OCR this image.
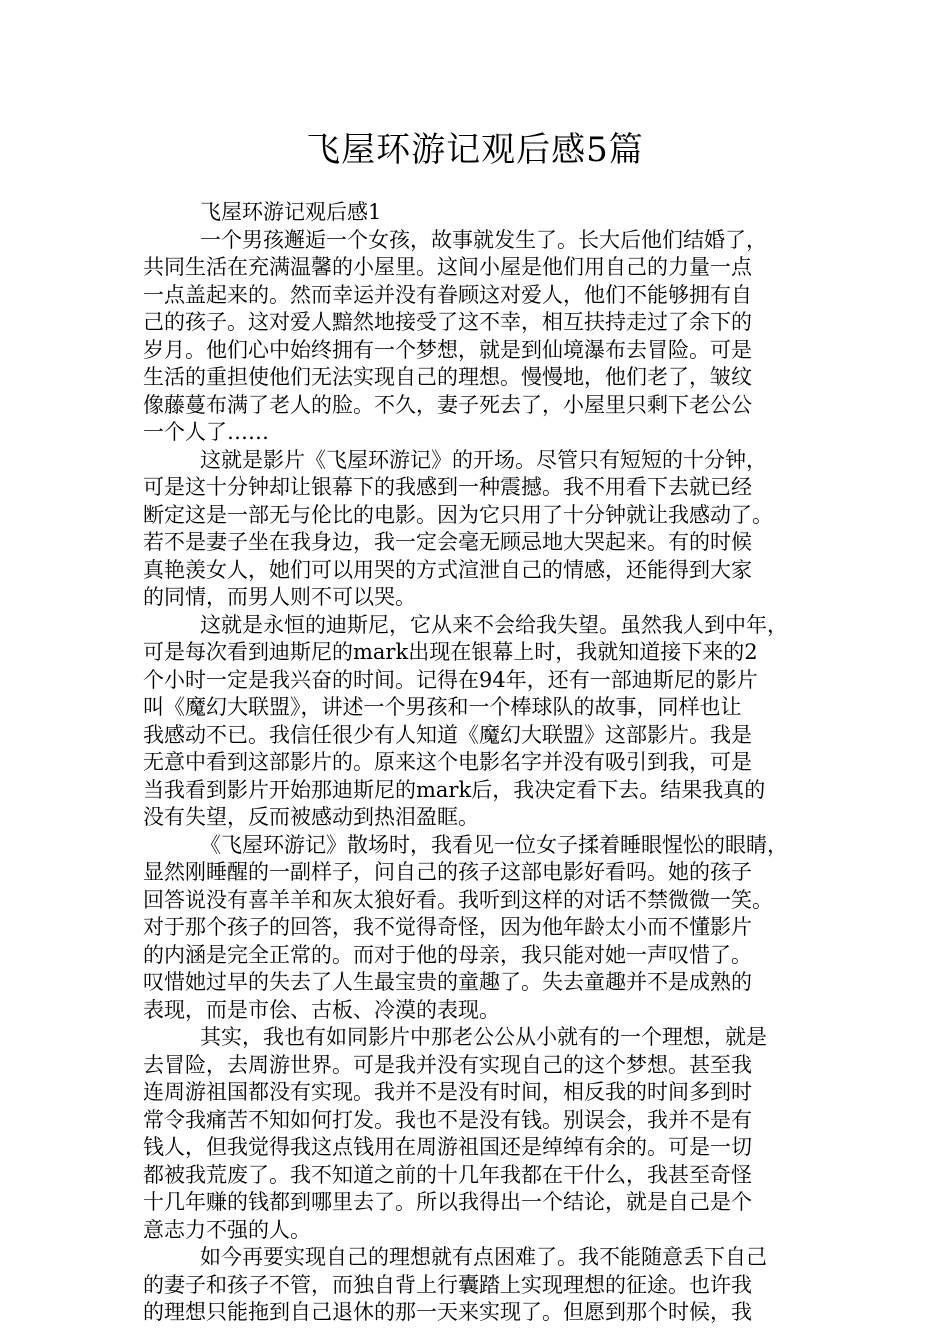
飞屋环游记观后感5篇

飞屋环游记观后感1

一个男孩邂逅一个女孩，故事就发生了。长大后他们结婚了，
共同生活在充满温馨的小屋里。这间小屋是他们用自己的力量一点
一点盖起来的。然而幸运并没有眷顾这对爱人，他们不能够拥有自
己的孩子。这对爱人黯然地接受了这不幸，相互扶持走过了余下的
岁月。他们心中始终拥有一个梦想，就是到仙境瀑布去冒险。可是
生活的重担使他们无法实现自己的理想。慢慢地，他们老了，皱纹
像藤蔓布满了老人的脸。不久，妻子死去了，小屋里只剩下老公公
一个人了……

这就是影片《飞屋环游记》的开场。尽管只有短短的十分钟，
可是这十分钟却让银幕下的我感到一种震撼。我不用看下去就已经
断定这是一部无与伦比的电影。因为它只用了十分钟就让我感动了。
若不是妻子坐在我身边，我一定会毫无顾忌地大哭起来。有的时候
真艳羡女人，她们可以用哭的方式渲泄自己的情感，还能得到大家
的同情，而男人则不可以哭。

这就是永恒的迪斯尼，它从来不会给我失望。虽然我人到中年，
可是每次看到迪斯尼的mark出现在银幕上时，我就知道接下来的2
个小时一定是我兴奋的时间。记得在94年，还有一部迪斯尼的影片
叫《魔幻大联盟》，讲述一个男孩和一个棒球队的故事，同样也让
我感动不已。我信任很少有人知道《魔幻大联盟》这部影片。我是
无意中看到这部影片的。原来这个电影名字并没有吸引到我，可是
当我看到影片开始那迪斯尼的mark后，我决定看下去。结果我真的
没有失望，反而被感动到热泪盈眶。

《飞屋环游记》散场时，我看见一位女子揉着睡眼惺忪的眼睛，
显然刚睡醒的一副样子，问自己的孩子这部电影好看吗。她的孩子
回答说没有喜羊羊和灰太狼好看。我听到这样的对话不禁微微一笑。
对于那个孩子的回答，我不觉得奇怪，因为他年龄太小而不懂影片
的内涵是完全正常的。而对于他的母亲，我只能对她一声叹惜了。
叹惜她过早的失去了人生最宝贵的童趣了。失去童趣并不是成熟的
表现，而是市侩、古板、冷漠的表现。

其实，我也有如同影片中那老公公从小就有的一个理想，就是
去冒险，去周游世界。可是我并没有实现自己的这个梦想。甚至我
连周游祖国都没有实现。我并不是没有时间，相反我的时间多到时
常令我痛苦不知如何打发。我也不是没有钱。别误会，我并不是有
钱人，但我觉得我这点钱用在周游祖国还是绰绰有余的。可是一切
都被我荒废了。我不知道之前的十几年我都在干什么，我甚至奇怪
十几年赚的钱都到哪里去了。所以我得出一个结论，就是自己是个
意志力不强的人。

如今再要实现自己的理想就有点困难了。我不能随意丢下自己
的妻子和孩子不管，而独自背上行囊踏上实现理想的征途。也许我
的理想只能拖到自己退休的那一天来实现了。但愿到那个时候，我
